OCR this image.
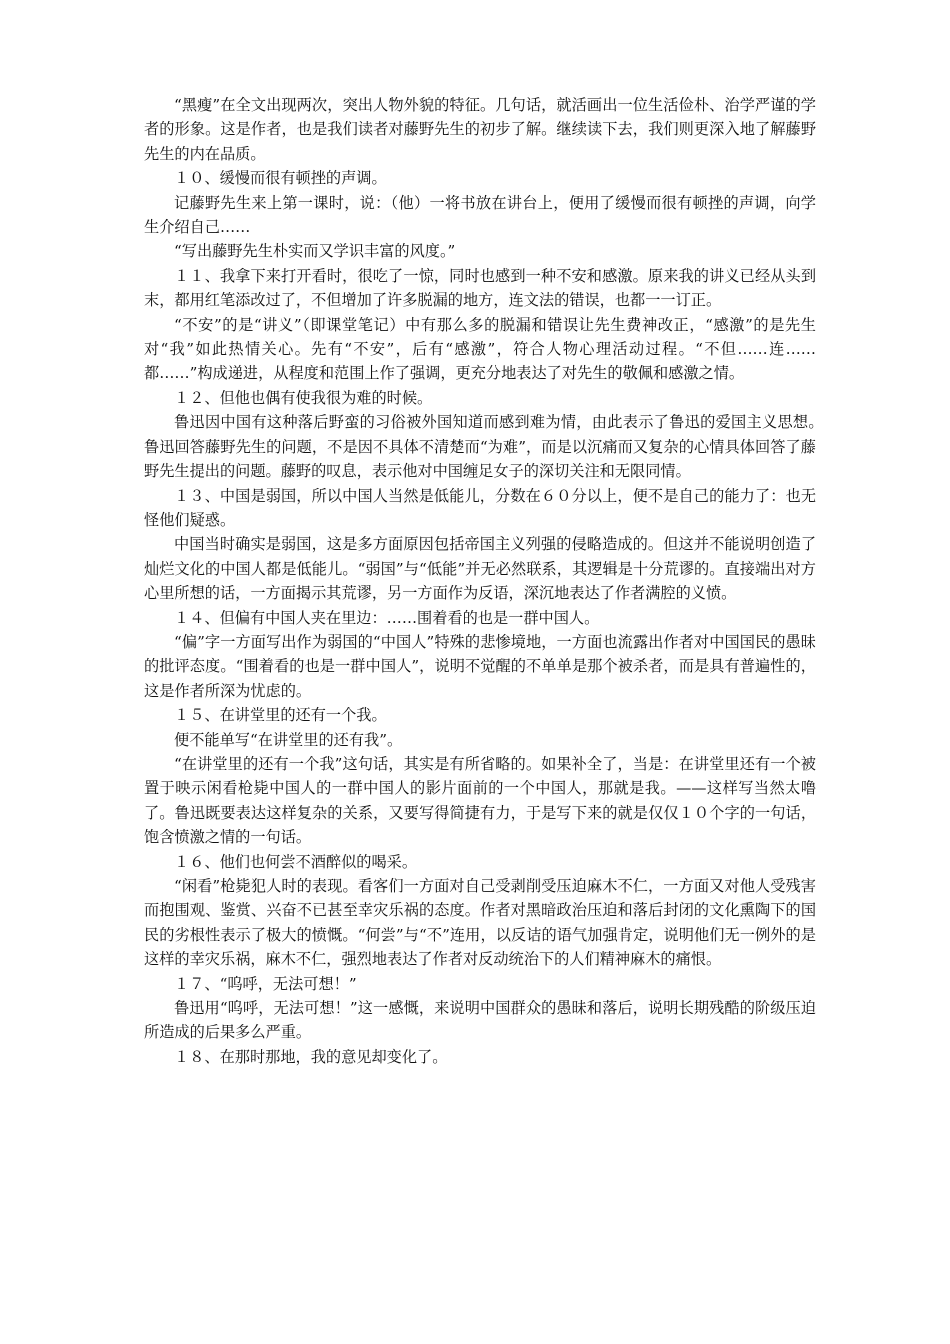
“黑瘦”在全文出现两次，突出人物外貌的特征。几句话，就活画出一位生活俭朴、治学严谨的学者的形象。这是作者，也是我们读者对藤野先生的初步了解。继续读下去，我们则更深入地了解藤野先生的内在品质。

１０、缓慢而很有顿挫的声调。

记藤野先生来上第一课时，说：（他）一将书放在讲台上，便用了缓慢而很有顿挫的声调，向学生介绍自己……

“写出藤野先生朴实而又学识丰富的风度。”

１１、我拿下来打开看时，很吃了一惊，同时也感到一种不安和感激。原来我的讲义已经从头到末，都用红笔添改过了，不但增加了许多脱漏的地方，连文法的错误，也都一一订正。

“不安”的是“讲义”（即课堂笔记）中有那么多的脱漏和错误让先生费神改正，“感激”的是先生对“我”如此热情关心。先有“不安”，后有“感激”，符合人物心理活动过程。“不但……连……都……”构成递进，从程度和范围上作了强调，更充分地表达了对先生的敬佩和感激之情。

１２、但他也偶有使我很为难的时候。

鲁迅因中国有这种落后野蛮的习俗被外国知道而感到难为情，由此表示了鲁迅的爱国主义思想。　　鲁迅回答藤野先生的问题，不是因不具体不清楚而“为难”，而是以沉痛而又复杂的心情具体回答了藤野先生提出的问题。藤野的叹息，表示他对中国缠足女子的深切关注和无限同情。

１３、中国是弱国，所以中国人当然是低能儿，分数在６０分以上，便不是自己的能力了：也无怪他们疑惑。

中国当时确实是弱国，这是多方面原因包括帝国主义列强的侵略造成的。但这并不能说明创造了灿烂文化的中国人都是低能儿。“弱国”与“低能”并无必然联系，其逻辑是十分荒谬的。直接端出对方心里所想的话，一方面揭示其荒谬，另一方面作为反语，深沉地表达了作者满腔的义愤。

１４、但偏有中国人夹在里边：……围着看的也是一群中国人。

“偏”字一方面写出作为弱国的“中国人”特殊的悲惨境地，一方面也流露出作者对中国国民的愚昧的批评态度。“围着看的也是一群中国人”，说明不觉醒的不单单是那个被杀者，而是具有普遍性的，这是作者所深为忧虑的。

１５、在讲堂里的还有一个我。

便不能单写“在讲堂里的还有我”。

“在讲堂里的还有一个我”这句话，其实是有所省略的。如果补全了，当是：在讲堂里还有一个被置于映示闲看枪毙中国人的一群中国人的影片面前的一个中国人，那就是我。——这样写当然太噜　了。鲁迅既要表达这样复杂的关系，又要写得简捷有力，于是写下来的就是仅仅１０个字的一句话，饱含愤激之情的一句话。

１６、他们也何尝不酒醉似的喝采。

“闲看”枪毙犯人时的表现。看客们一方面对自己受剥削受压迫麻木不仁，一方面又对他人受残害而抱围观、鉴赏、兴奋不已甚至幸灾乐祸的态度。作者对黑暗政治压迫和落后封闭的文化熏陶下的国民的劣根性表示了极大的愤慨。“何尝”与“不”连用，以反诘的语气加强肯定，说明他们无一例外的是这样的幸灾乐祸，麻木不仁，强烈地表达了作者对反动统治下的人们精神麻木的痛恨。

１７、“呜呼，无法可想！”

鲁迅用“呜呼，无法可想！”这一感慨，来说明中国群众的愚昧和落后，说明长期残酷的阶级压迫所造成的后果多么严重。

１８、在那时那地，我的意见却变化了。
